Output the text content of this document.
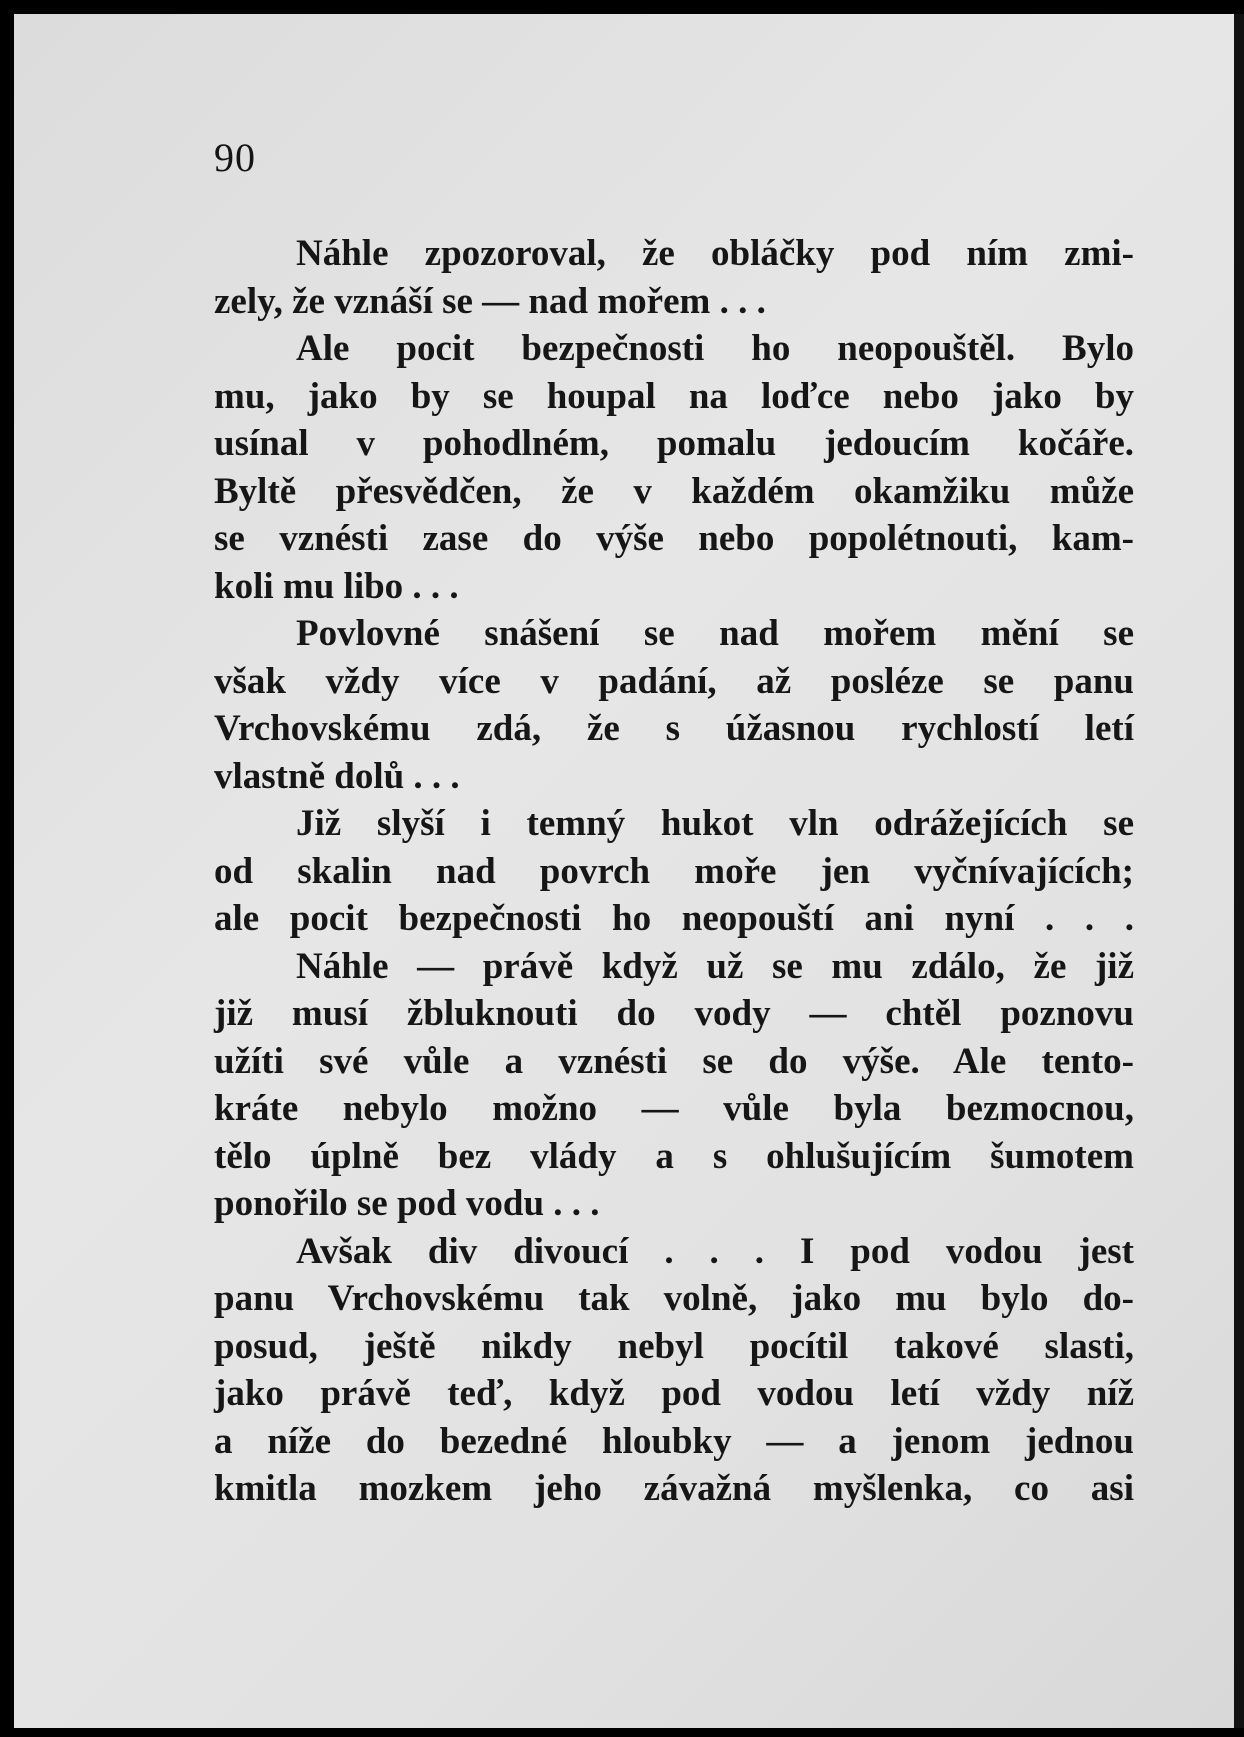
90
Náhle zpozoroval, že obláčky pod ním zmi-
zely, že vznáší se — nad mořem . . .
Ale pocit bezpečnosti ho neopouštěl. Bylo
mu, jako by se houpal na loďce nebo jako by
usínal v pohodlném, pomalu jedoucím kočáře.
Byltě přesvědčen, že v každém okamžiku může
se vznésti zase do výše nebo popolétnouti, kam-
koli mu libo . . .
Povlovné snášení se nad mořem mění se
však vždy více v padání, až posléze se panu
Vrchovskému zdá, že s úžasnou rychlostí letí
vlastně dolů . . .
Již slyší i temný hukot vln odrážejících se
od skalin nad povrch moře jen vyčnívajících;
ale pocit bezpečnosti ho neopouští ani nyní . . .
Náhle — právě když už se mu zdálo, že již
již musí žbluknouti do vody — chtěl poznovu
užíti své vůle a vznésti se do výše. Ale tento-
kráte nebylo možno — vůle byla bezmocnou,
tělo úplně bez vlády a s ohlušujícím šumotem
ponořilo se pod vodu . . .
Avšak div divoucí . . . I pod vodou jest
panu Vrchovskému tak volně, jako mu bylo do-
posud, ještě nikdy nebyl pocítil takové slasti,
jako právě teď, když pod vodou letí vždy níž
a níže do bezedné hloubky — a jenom jednou
kmitla mozkem jeho závažná myšlenka, co asi
